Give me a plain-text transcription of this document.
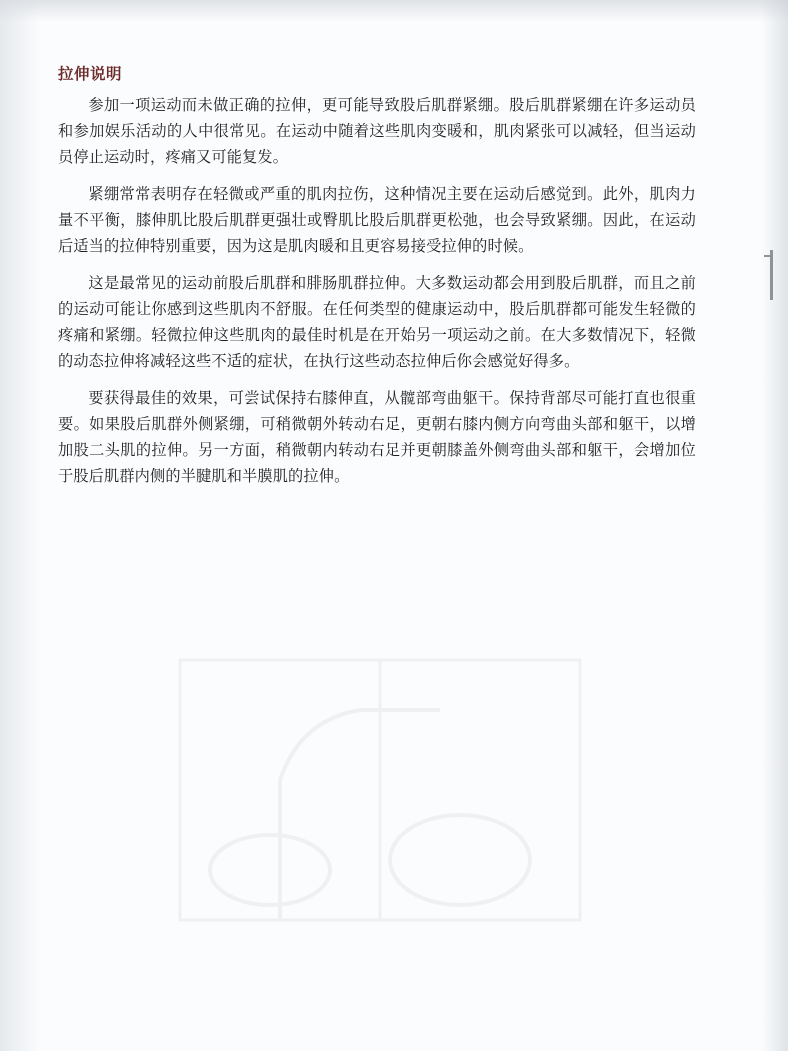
拉伸说明

参加一项运动而未做正确的拉伸，更可能导致股后肌群紧绷。股后肌群紧绷在许多运动员和参加娱乐活动的人中很常见。在运动中随着这些肌肉变暖和，肌肉紧张可以减轻，但当运动员停止运动时，疼痛又可能复发。

紧绷常常表明存在轻微或严重的肌肉拉伤，这种情况主要在运动后感觉到。此外，肌肉力量不平衡，膝伸肌比股后肌群更强壮或臀肌比股后肌群更松弛，也会导致紧绷。因此，在运动后适当的拉伸特别重要，因为这是肌肉暖和且更容易接受拉伸的时候。

这是最常见的运动前股后肌群和腓肠肌群拉伸。大多数运动都会用到股后肌群，而且之前的运动可能让你感到这些肌肉不舒服。在任何类型的健康运动中，股后肌群都可能发生轻微的疼痛和紧绷。轻微拉伸这些肌肉的最佳时机是在开始另一项运动之前。在大多数情况下，轻微的动态拉伸将减轻这些不适的症状，在执行这些动态拉伸后你会感觉好得多。

要获得最佳的效果，可尝试保持右膝伸直，从髋部弯曲躯干。保持背部尽可能打直也很重要。如果股后肌群外侧紧绷，可稍微朝外转动右足，更朝右膝内侧方向弯曲头部和躯干，以增加股二头肌的拉伸。另一方面，稍微朝内转动右足并更朝膝盖外侧弯曲头部和躯干，会增加位于股后肌群内侧的半腱肌和半膜肌的拉伸。
